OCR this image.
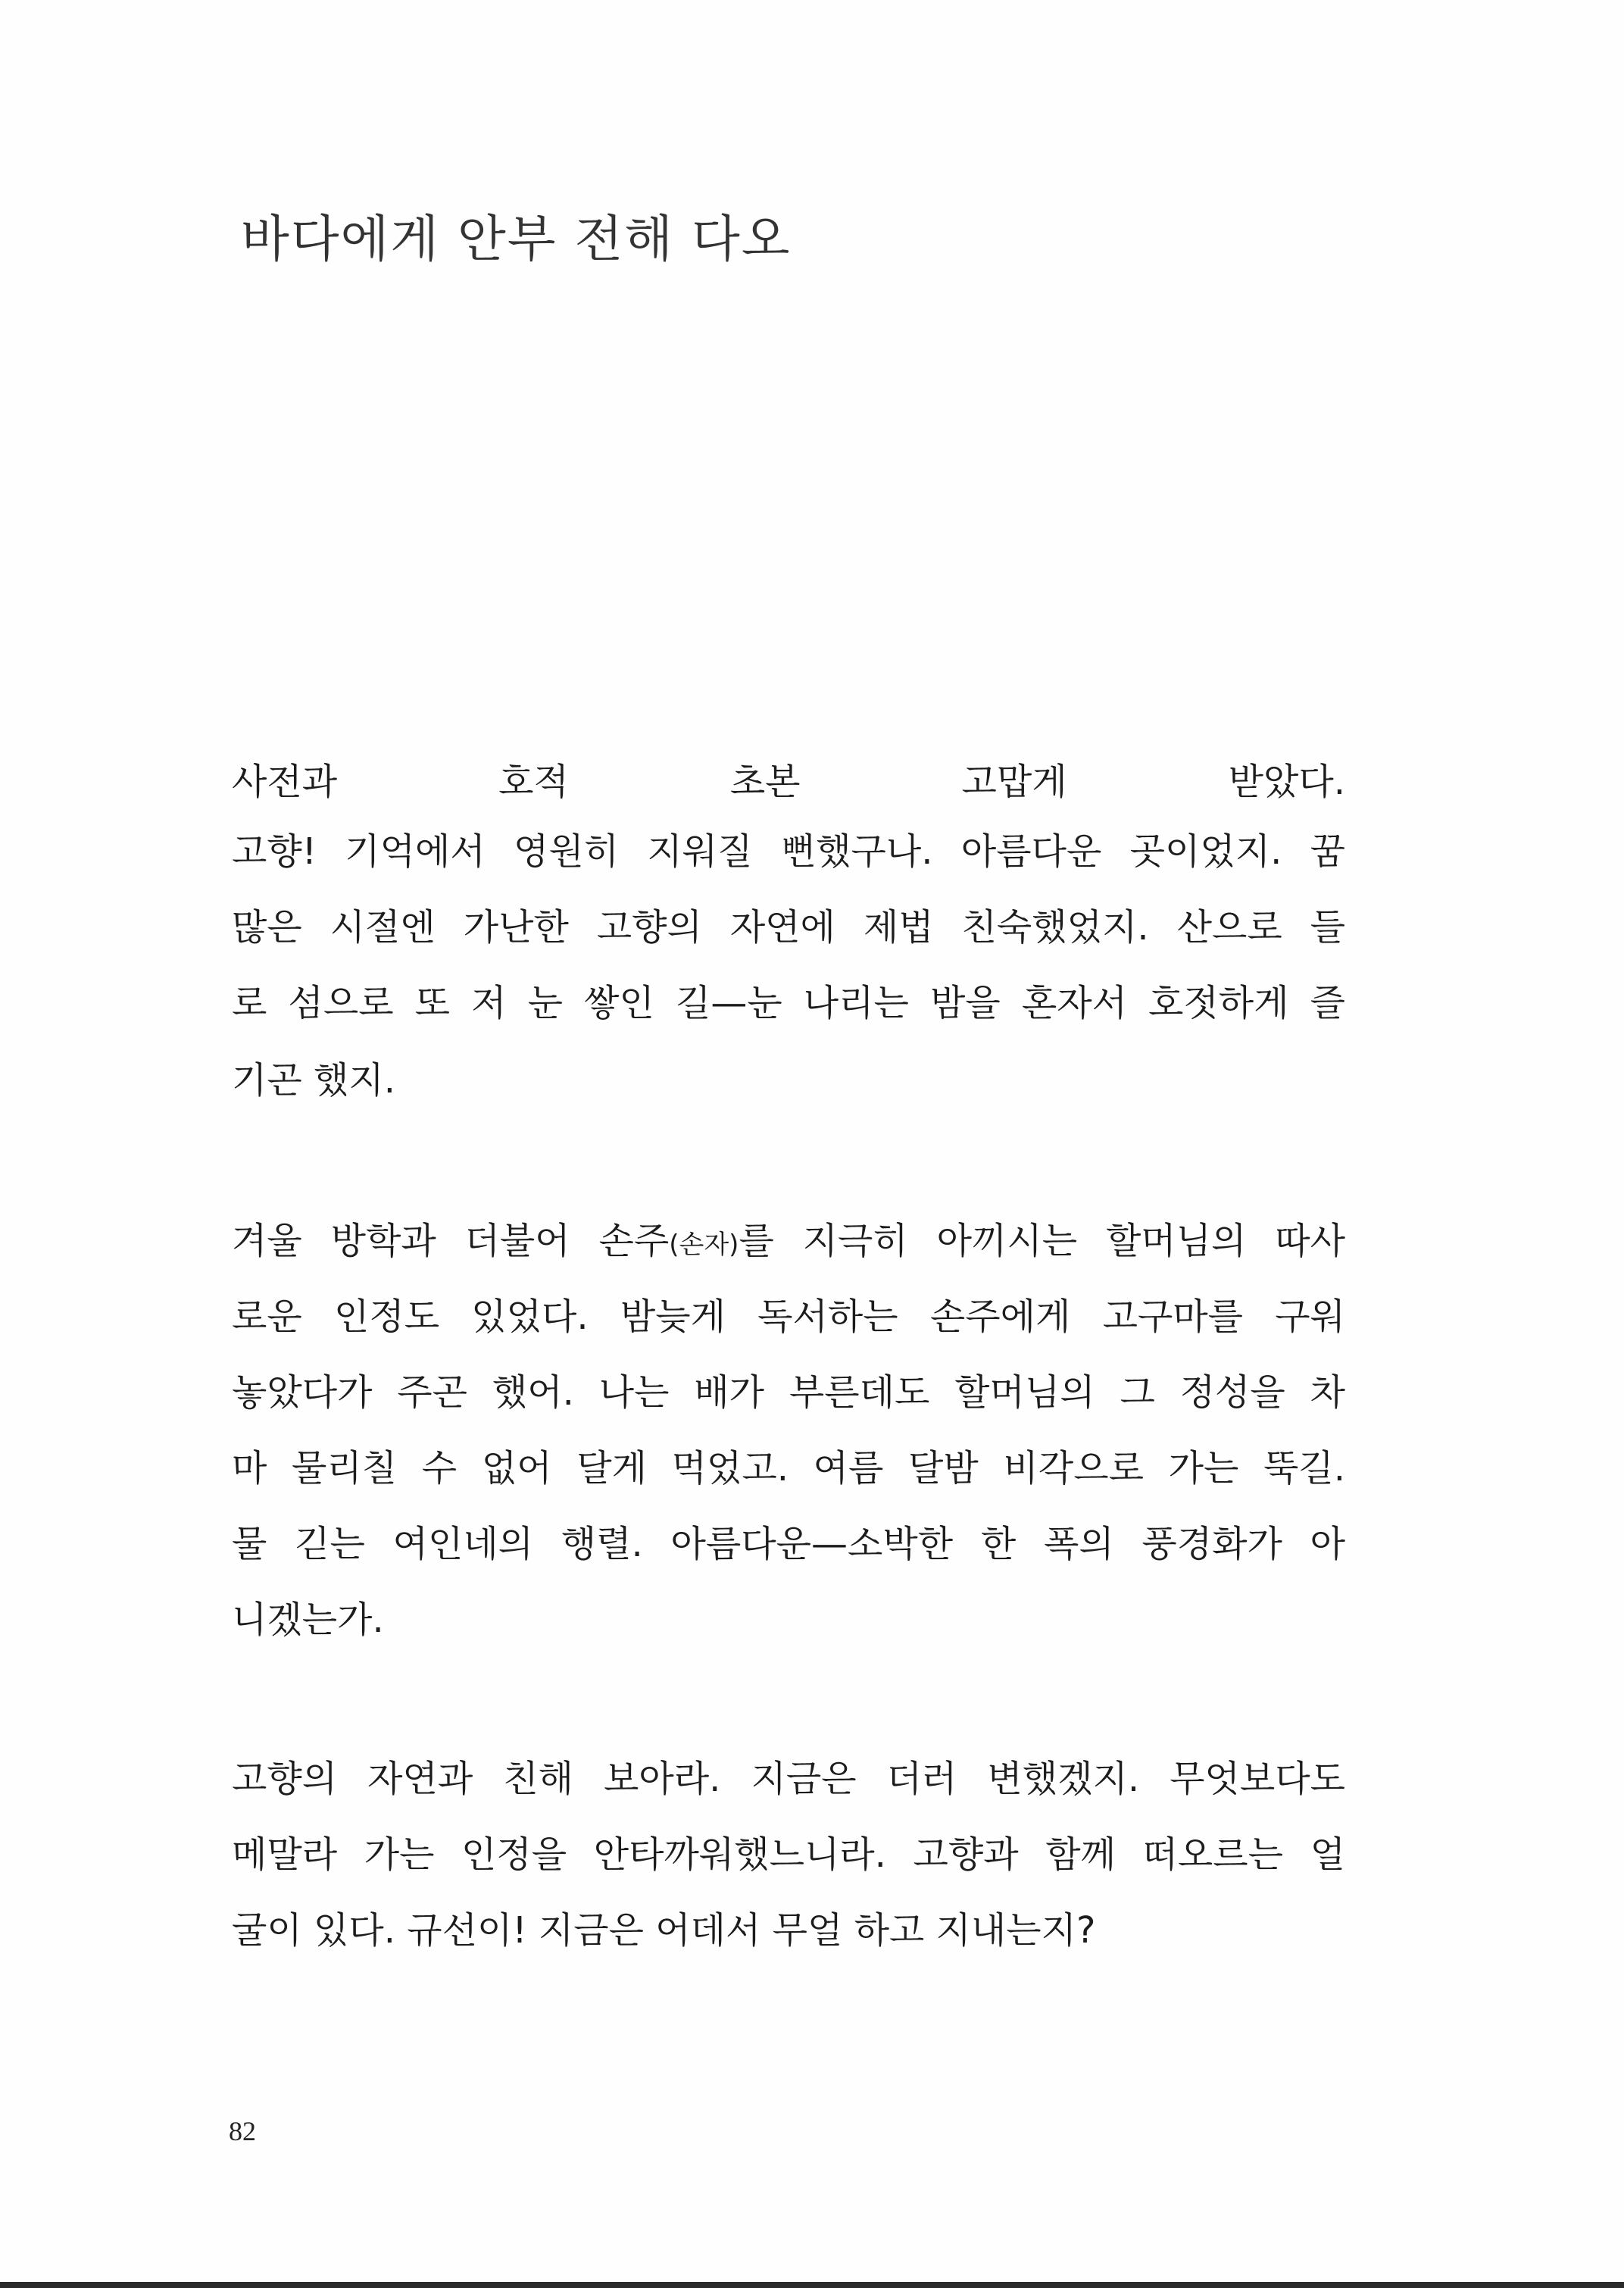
바다에게 안부 전해 다오
사전과 호적 초본 고맙게 받았다.
고향! 기억에서 영원히 지워질 뻔했구나. 아름다운 곳이었지. 꿈
많은 시절엔 가난한 고향의 자연에 제법 친숙했었지. 산으로 들
로 섬으로 또 저 눈 쌓인 길—눈 나리는 밤을 혼자서 호젓하게 즐
기곤 했지.
겨울 방학과 더불어 손주(손자)를 지극히 아끼시는 할머님의 따사
로운 인정도 있었다. 밤늦게 독서하는 손주에게 고구마를 구워
놓았다가 주곤 했어. 나는 배가 부른데도 할머님의 그 정성을 차
마 물리칠 수 없어 달게 먹었고. 여름 달밤 비각으로 가는 뚝길.
물 긷는 여인네의 행렬. 아름다운—소박한 한 폭의 풍경화가 아
니겠는가.
고향의 자연과 친해 보아라. 지금은 더러 변했겠지. 무엇보다도
메말라 가는 인정을 안타까워했느니라. 고향과 함께 떠오르는 얼
굴이 있다. 규선이! 지금은 어데서 무얼 하고 지내는지?
82
